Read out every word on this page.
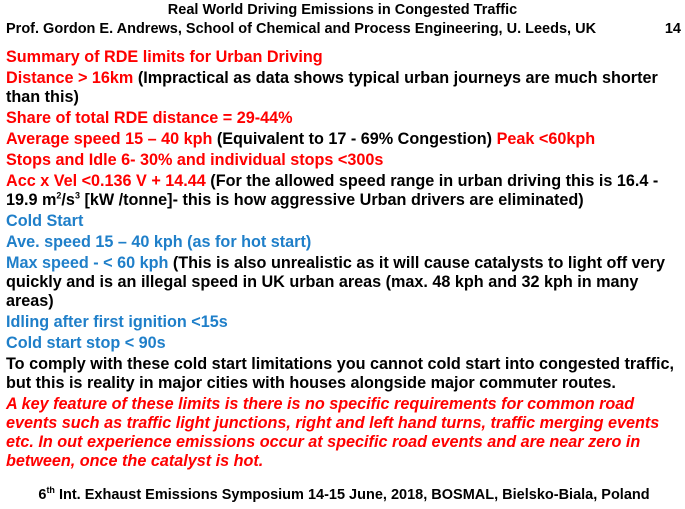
Real World Driving Emissions in Congested Traffic
Prof. Gordon E. Andrews, School of Chemical and Process Engineering, U. Leeds, UK	14
Summary of RDE limits for Urban Driving
Distance > 16km (Impractical as data shows typical urban journeys are much shorter than this)
Share of total RDE distance = 29-44%
Average speed 15 – 40 kph (Equivalent to 17 - 69% Congestion) Peak <60kph
Stops and Idle 6- 30% and individual stops <300s
Acc x Vel <0.136 V + 14.44 (For the allowed speed range in urban driving this is 16.4 - 19.9 $m^2/s^3$ [kW /tonne]- this is how aggressive Urban drivers are eliminated)
Cold Start
Ave. speed 15 – 40 kph (as for hot start)
Max speed - < 60 kph (This is also unrealistic as it will cause catalysts to light off very quickly and is an illegal speed in UK urban areas (max. 48 kph and 32 kph in many areas)
Idling after first ignition <15s
Cold start stop < 90s
To comply with these cold start limitations you cannot cold start into congested traffic, but this is reality in major cities with houses alongside major commuter routes.
A key feature of these limits is there is no specific requirements for common road events such as traffic light junctions, right and left hand turns, traffic merging events etc. In out experience emissions occur at specific road events and are near zero in between, once the catalyst is hot.
6th Int. Exhaust Emissions Symposium 14-15 June, 2018, BOSMAL, Bielsko-Biala, Poland
